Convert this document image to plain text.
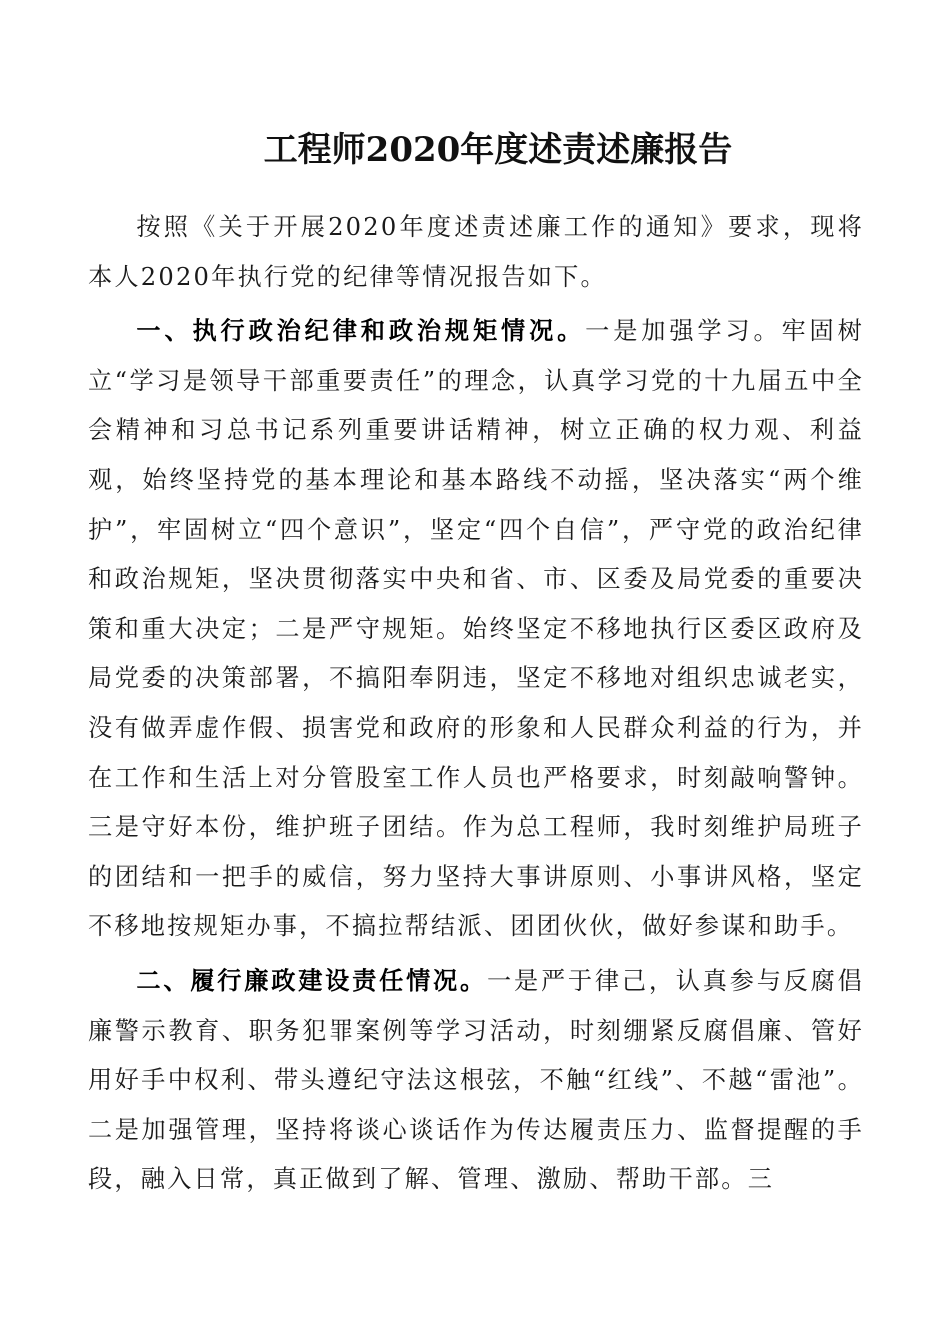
工程师2020年度述责述廉报告

按照《关于开展2020年度述责述廉工作的通知》要求，现将本人2020年执行党的纪律等情况报告如下。

一、执行政治纪律和政治规矩情况。一是加强学习。牢固树立“学习是领导干部重要责任”的理念，认真学习党的十九届五中全会精神和习总书记系列重要讲话精神，树立正确的权力观、利益观，始终坚持党的基本理论和基本路线不动摇，坚决落实“两个维护”，牢固树立“四个意识”，坚定“四个自信”，严守党的政治纪律和政治规矩，坚决贯彻落实中央和省、市、区委及局党委的重要决策和重大决定；二是严守规矩。始终坚定不移地执行区委区政府及局党委的决策部署，不搞阳奉阴违，坚定不移地对组织忠诚老实，没有做弄虚作假、损害党和政府的形象和人民群众利益的行为，并在工作和生活上对分管股室工作人员也严格要求，时刻敲响警钟。三是守好本份，维护班子团结。作为总工程师，我时刻维护局班子的团结和一把手的威信，努力坚持大事讲原则、小事讲风格，坚定不移地按规矩办事，不搞拉帮结派、团团伙伙，做好参谋和助手。

二、履行廉政建设责任情况。一是严于律己，认真参与反腐倡廉警示教育、职务犯罪案例等学习活动，时刻绷紧反腐倡廉、管好用好手中权利、带头遵纪守法这根弦，不触“红线”、不越“雷池”。二是加强管理，坚持将谈心谈话作为传达履责压力、监督提醒的手段，融入日常，真正做到了解、管理、激励、帮助干部。三
